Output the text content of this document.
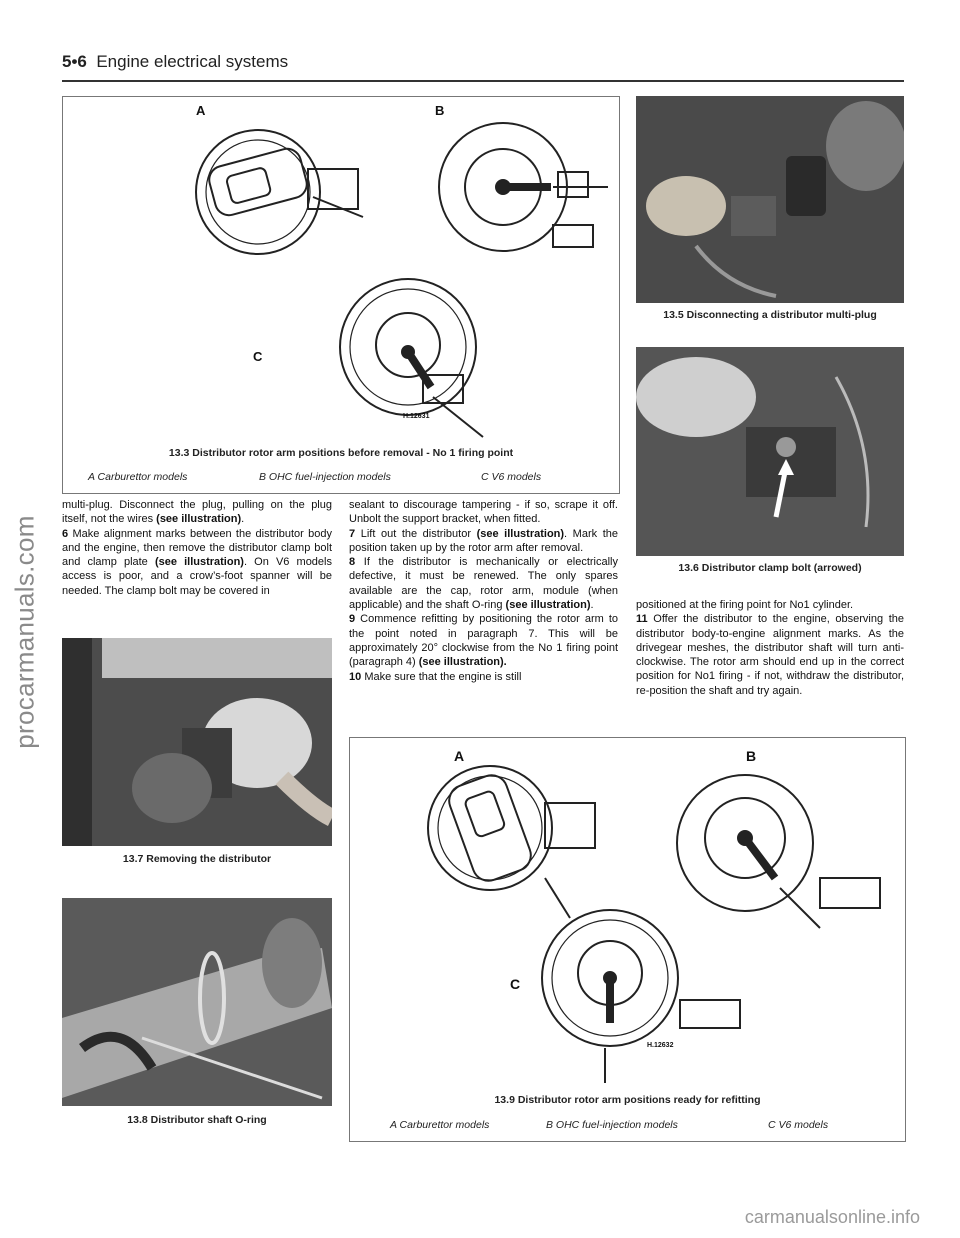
5•6 Engine electrical systems
procarmanuals.com
A	B
C
H.12631
13.3 Distributor rotor arm positions before removal - No 1 firing point
A Carburettor models	B OHC fuel-injection models	C V6 models
13.5 Disconnecting a distributor multi-plug
13.6 Distributor clamp bolt (arrowed)

multi-plug. Disconnect the plug, pulling on the plug itself, not the wires (see illustration).

6 Make alignment marks between the distributor body and the engine, then remove the distributor clamp bolt and clamp plate (see illustration). On V6 models access is poor, and a crow’s-foot spanner will be needed. The clamp bolt may be covered in

sealant to discourage tampering - if so, scrape it off. Unbolt the support bracket, when fitted.

7 Lift out the distributor (see illustration). Mark the position taken up by the rotor arm after removal.

8 If the distributor is mechanically or electrically defective, it must be renewed. The only spares available are the cap, rotor arm, module (when applicable) and the shaft O-ring (see illustration).

9 Commence refitting by positioning the rotor arm to the point noted in paragraph 7. This will be approximately 20° clockwise from the No 1 firing point (paragraph 4) (see illustration).

10 Make sure that the engine is still

positioned at the firing point for No1 cylinder.

11 Offer the distributor to the engine, observing the distributor body-to-engine alignment marks. As the drivegear meshes, the distributor shaft will turn anti-clockwise. The rotor arm should end up in the correct position for No1 firing - if not, withdraw the distributor, re-position the shaft and try again.

13.7 Removing the distributor
13.8 Distributor shaft O-ring
A	B
C
H.12632
13.9 Distributor rotor arm positions ready for refitting
A Carburettor models	B OHC fuel-injection models	C V6 models
carmanualsonline.info
